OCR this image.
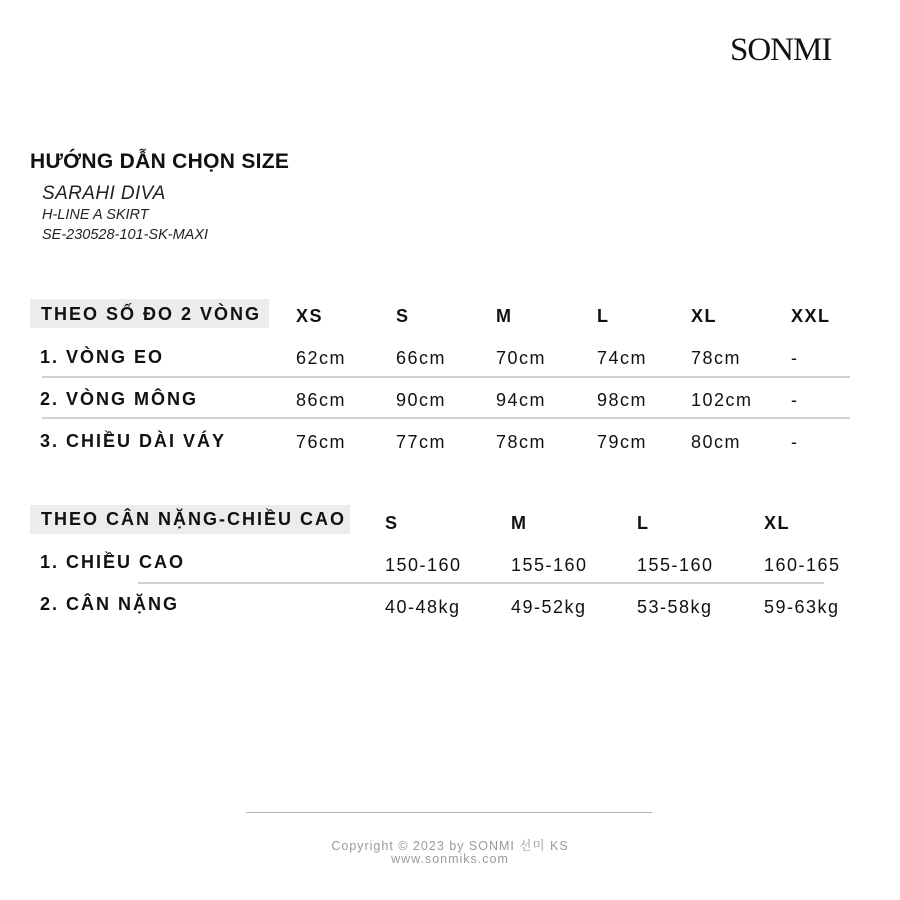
SONMI
HƯỚNG DẪN CHỌN SIZE
SARAHI DIVA
H-LINE A SKIRT
SE-230528-101-SK-MAXI
THEO SỐ ĐO 2 VÒNG XS	S	M	L	XL	XXL
1. VÒNG EO	62cm	66cm	70cm	74cm 78cm	-
2. VÒNG MÔNG	86cm	90cm	94cm	98cm 102cm -
3. CHIỀU DÀI VÁY	76cm	77cm	78cm	79cm 80cm	-
THEO CÂN NẶNG-CHIỀU CAO S	M	L	XL
1. CHIỀU CAO	150-160	155-160	155-160	160-165
2. CÂN NẶNG	40-48kg	49-52kg	53-58kg	59-63kg
Copyright © 2023 by SONMI 선미 KS
www.sonmiks.com
